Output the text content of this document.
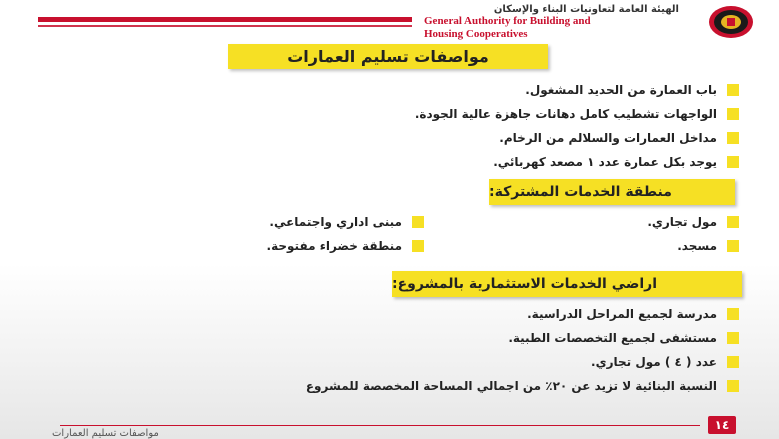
الهيئة العامة لتعاونيات البناء والإسكان
General Authority for Building and
Housing Cooperatives
مواصفات تسليم العمارات
باب العمارة من الحديد المشغول.
الواجهات تشطيب كامل دهانات جاهزة عالية الجودة.
مداخل العمارات والسلالم من الرخام.
يوجد بكل عمارة عدد ١ مصعد كهربائي.
منطقة الخدمات المشتركة:
مول تجاري.
مسجد.
مبنى اداري واجتماعي.
منطقة خضراء مفتوحة.
اراضي الخدمات الاستثمارية بالمشروع:
مدرسة لجميع المراحل الدراسية.
مستشفى لجميع التخصصات الطبية.
عدد ( ٤ ) مول تجاري.
النسبة البنائية لا تزيد عن ٢٠٪ من اجمالي المساحة المخصصة للمشروع
١٤
مواصفات تسليم العمارات
